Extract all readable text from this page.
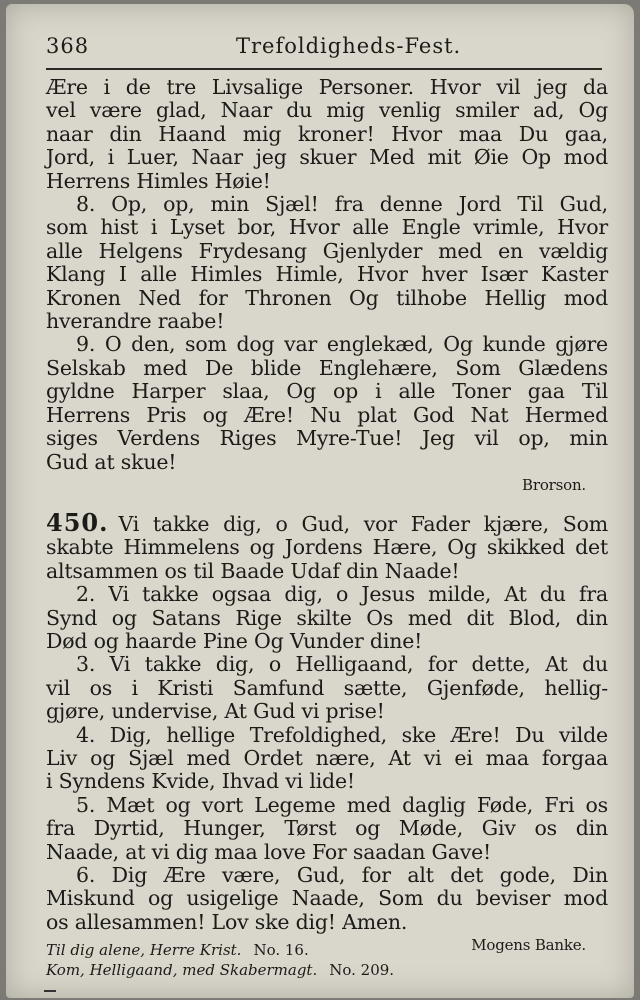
368	Trefoldigheds-Fest.
Ære i de tre Livsalige Personer. Hvor vil jeg da
vel være glad, Naar du mig venlig smiler ad, Og
naar din Haand mig kroner! Hvor maa Du gaa,
Jord, i Luer, Naar jeg skuer Med mit Øie Op mod
Herrens Himles Høie!
8. Op, op, min Sjæl! fra denne Jord Til Gud,
som hist i Lyset bor, Hvor alle Engle vrimle, Hvor
alle Helgens Frydesang Gjenlyder med en vældig
Klang I alle Himles Himle, Hvor hver Især Kaster
Kronen Ned for Thronen Og tilhobe Hellig mod
hverandre raabe!
9. O den, som dog var englekæd, Og kunde gjøre
Selskab med De blide Englehære, Som Glædens
gyldne Harper slaa, Og op i alle Toner gaa Til
Herrens Pris og Ære! Nu plat God Nat Hermed
siges Verdens Riges Myre-Tue! Jeg vil op, min
Gud at skue!
Brorson.
450. Vi takke dig, o Gud, vor Fader kjære, Som
skabte Himmelens og Jordens Hære, Og skikked det
altsammen os til Baade Udaf din Naade!
2. Vi takke ogsaa dig, o Jesus milde, At du fra
Synd og Satans Rige skilte Os med dit Blod, din
Død og haarde Pine Og Vunder dine!
3. Vi takke dig, o Helligaand, for dette, At du
vil os i Kristi Samfund sætte, Gjenføde, hellig-
gjøre, undervise, At Gud vi prise!
4. Dig, hellige Trefoldighed, ske Ære! Du vilde
Liv og Sjæl med Ordet nære, At vi ei maa forgaa
i Syndens Kvide, Ihvad vi lide!
5. Mæt og vort Legeme med daglig Føde, Fri os
fra Dyrtid, Hunger, Tørst og Møde, Giv os din
Naade, at vi dig maa love For saadan Gave!
6. Dig Ære være, Gud, for alt det gode, Din
Miskund og usigelige Naade, Som du beviser mod
os allesammen! Lov ske dig! Amen.
Mogens Banke.
Til dig alene, Herre Krist. No. 16.
Kom, Helligaand, med Skabermagt. No. 209.
